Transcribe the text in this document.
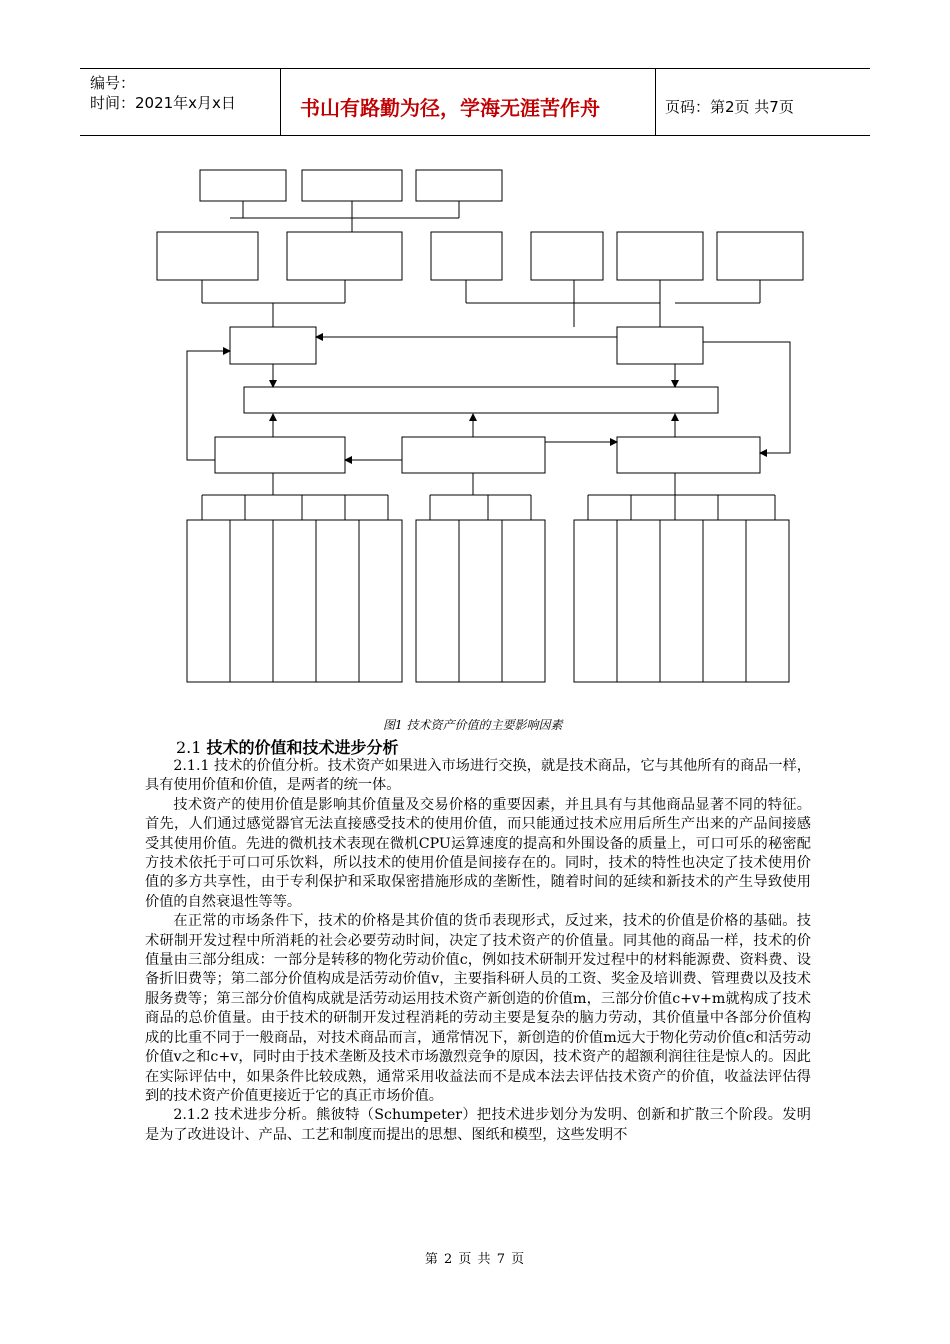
编号：
时间：2021年x月x日	书山有路勤为径，学海无涯苦作舟	页码：第2页 共7页
图1 技术资产价值的主要影响因素
2.1 技术的价值和技术进步分析

2.1.1 技术的价值分析。技术资产如果进入市场进行交换，就是技术商品，它与其他所有的商品一样，具有使用价值和价值，是两者的统一体。

技术资产的使用价值是影响其价值量及交易价格的重要因素，并且具有与其他商品显著不同的特征。首先，人们通过感觉器官无法直接感受技术的使用价值，而只能通过技术应用后所生产出来的产品间接感受其使用价值。先进的微机技术表现在微机CPU运算速度的提高和外围设备的质量上，可口可乐的秘密配方技术依托于可口可乐饮料，所以技术的使用价值是间接存在的。同时，技术的特性也决定了技术使用价值的多方共享性，由于专利保护和采取保密措施形成的垄断性，随着时间的延续和新技术的产生导致使用价值的自然衰退性等等。

在正常的市场条件下，技术的价格是其价值的货币表现形式，反过来，技术的价值是价格的基础。技术研制开发过程中所消耗的社会必要劳动时间，决定了技术资产的价值量。同其他的商品一样，技术的价值量由三部分组成：一部分是转移的物化劳动价值c，例如技术研制开发过程中的材料能源费、资料费、设备折旧费等；第二部分价值构成是活劳动价值v，主要指科研人员的工资、奖金及培训费、管理费以及技术服务费等；第三部分价值构成就是活劳动运用技术资产新创造的价值m，三部分价值c+v+m就构成了技术商品的总价值量。由于技术的研制开发过程消耗的劳动主要是复杂的脑力劳动，其价值量中各部分价值构成的比重不同于一般商品，对技术商品而言，通常情况下，新创造的价值m远大于物化劳动价值c和活劳动价值v之和c+v，同时由于技术垄断及技术市场激烈竞争的原因，技术资产的超额利润往往是惊人的。因此在实际评估中，如果条件比较成熟，通常采用收益法而不是成本法去评估技术资产的价值，收益法评估得到的技术资产价值更接近于它的真正市场价值。

2.1.2 技术进步分析。熊彼特（Schumpeter）把技术进步划分为发明、创新和扩散三个阶段。发明是为了改进设计、产品、工艺和制度而提出的思想、图纸和模型，这些发明不

第 2 页 共 7 页
